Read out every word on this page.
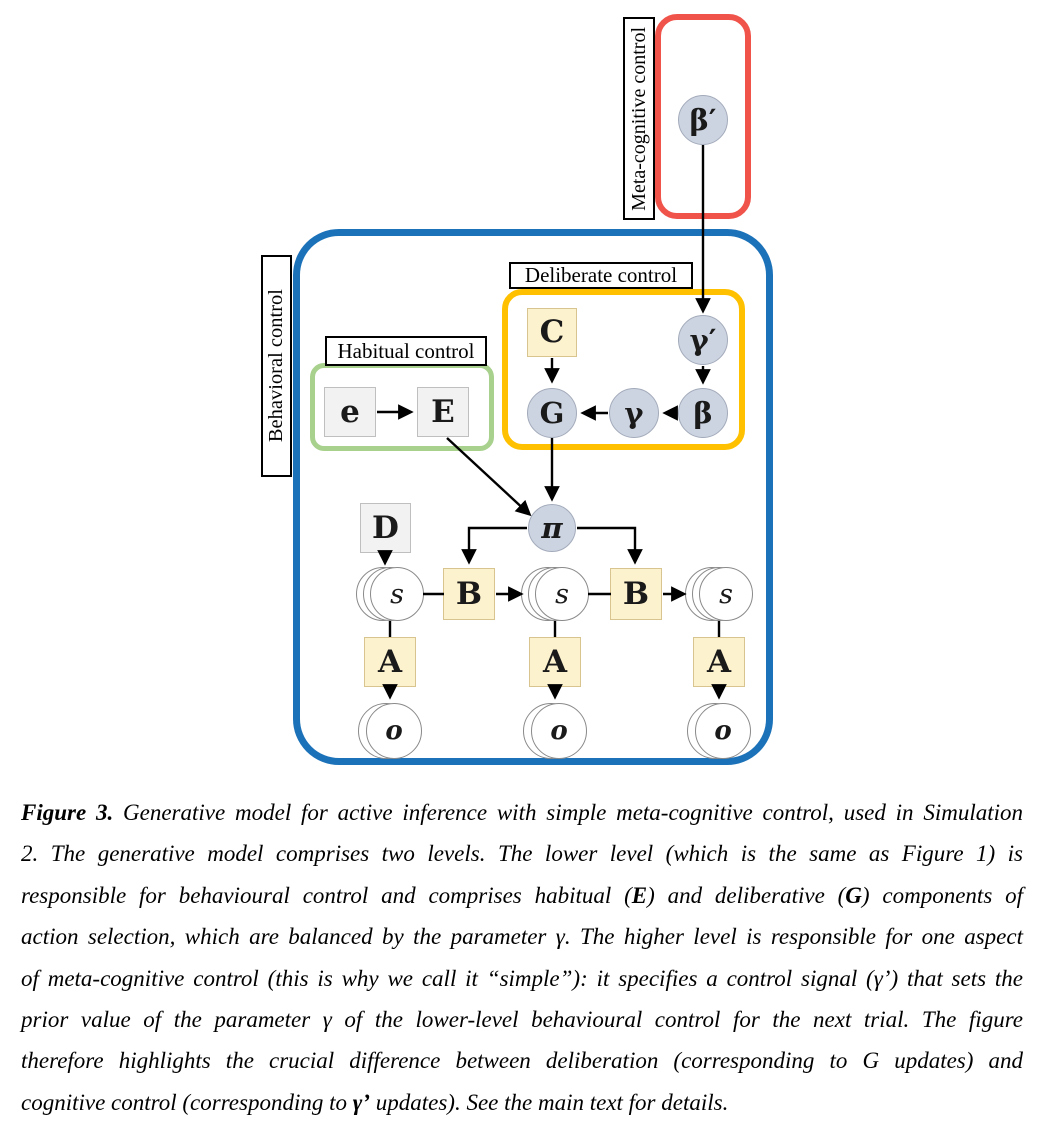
Meta-cognitive control
Behavioral control
Deliberate control
Habitual control
β′
γ′
β
γ
G
π
e E
D
C
B	B
A	A	A
s	s	s
o	o	o
Figure 3. Generative model for active inference with simple meta-cognitive control, used in Simulation
2. The generative model comprises two levels. The lower level (which is the same as Figure 1) is
responsible for behavioural control and comprises habitual (E) and deliberative (G) components of
action selection, which are balanced by the parameter γ. The higher level is responsible for one aspect
of meta-cognitive control (this is why we call it “simple”): it specifies a control signal (γ’) that sets the
prior value of the parameter γ of the lower-level behavioural control for the next trial. The figure
therefore highlights the crucial difference between deliberation (corresponding to G updates) and
cognitive control (corresponding to γ’ updates). See the main text for details.
